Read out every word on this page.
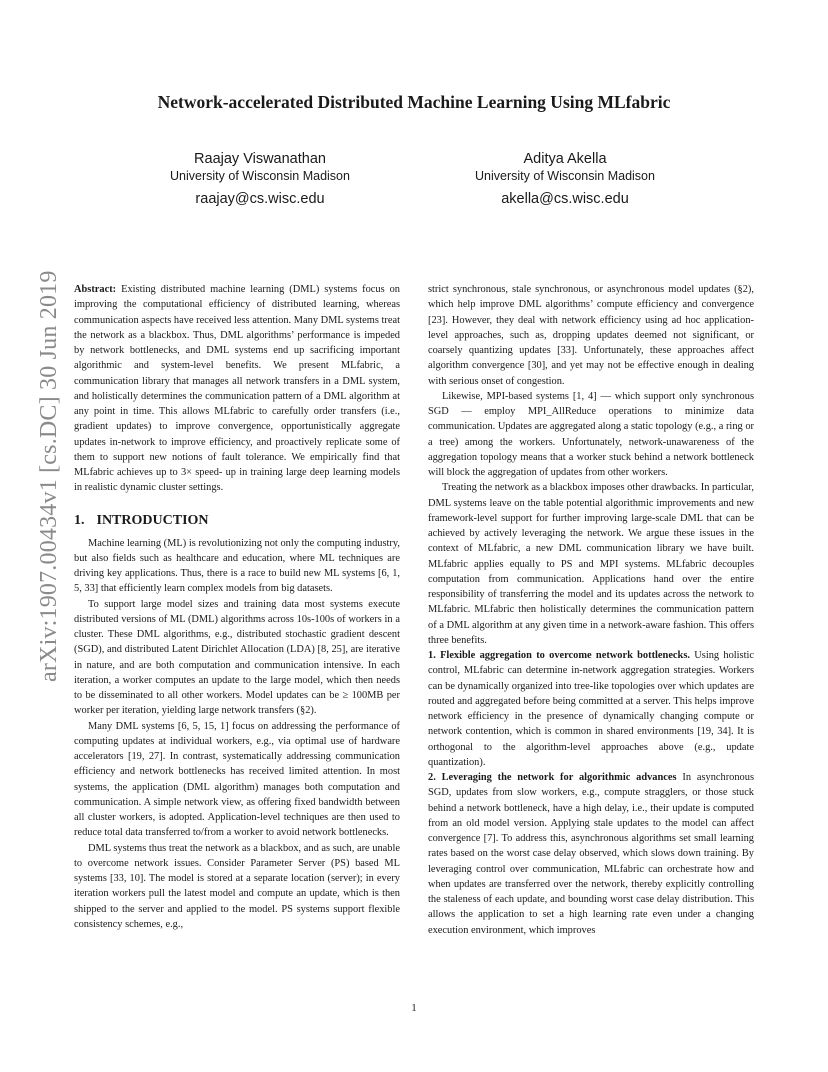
Network-accelerated Distributed Machine Learning Using MLfabric
Raajay Viswanathan
University of Wisconsin Madison
raajay@cs.wisc.edu
Aditya Akella
University of Wisconsin Madison
akella@cs.wisc.edu
arXiv:1907.00434v1 [cs.DC] 30 Jun 2019 Abstract: Existing distributed machine learning (DML) systems focus on improving the computational efficiency of distributed learning, whereas communication aspects have received less attention. Many DML systems treat the network as a blackbox. Thus, DML algorithms’ performance is impeded by network bottlenecks, and DML systems end up sacrificing important algorithmic and system-level benefits. We present MLfabric, a communication library that manages all network transfers in a DML system, and holistically determines the communication pattern of a DML algorithm at any point in time. This allows MLfabric to carefully order transfers (i.e., gradient updates) to improve convergence, opportunistically aggregate updates in-network to improve efficiency, and proactively replicate some of them to support new notions of fault tolerance. We empirically find that MLfabric achieves up to 3× speed- up in training large deep learning models in realistic dynamic cluster settings.

1. INTRODUCTION

Machine learning (ML) is revolutionizing not only the computing industry, but also fields such as healthcare and education, where ML techniques are driving key applications. Thus, there is a race to build new ML systems [6, 1, 5, 33] that efficiently learn complex models from big datasets.

To support large model sizes and training data most systems execute distributed versions of ML (DML) algorithms across 10s-100s of workers in a cluster. These DML algorithms, e.g., distributed stochastic gradient descent (SGD), and distributed Latent Dirichlet Allocation (LDA) [8, 25], are iterative in nature, and are both computation and communication intensive. In each iteration, a worker computes an update to the large model, which then needs to be disseminated to all other workers. Model updates can be ≥ 100MB per worker per iteration, yielding large network transfers (§2).

Many DML systems [6, 5, 15, 1] focus on addressing the performance of computing updates at individual workers, e.g., via optimal use of hardware accelerators [19, 27]. In contrast, systematically addressing communication efficiency and network bottlenecks has received limited attention. In most systems, the application (DML algorithm) manages both computation and communication. A simple network view, as offering fixed bandwidth between all cluster workers, is adopted. Application-level techniques are then used to reduce total data transferred to/from a worker to avoid network bottlenecks.

DML systems thus treat the network as a blackbox, and as such, are unable to overcome network issues. Consider Parameter Server (PS) based ML systems [33, 10]. The model is stored at a separate location (server); in every iteration workers pull the latest model and compute an update, which is then shipped to the server and applied to the model. PS systems support flexible consistency schemes, e.g.,

strict synchronous, stale synchronous, or asynchronous model updates (§2), which help improve DML algorithms’ compute efficiency and convergence [23]. However, they deal with network efficiency using ad hoc application-level approaches, such as, dropping updates deemed not significant, or coarsely quantizing updates [33]. Unfortunately, these approaches affect algorithm convergence [30], and yet may not be effective enough in dealing with serious onset of congestion.

Likewise, MPI-based systems [1, 4] — which support only synchronous SGD — employ MPI_AllReduce operations to minimize data communication. Updates are aggregated along a static topology (e.g., a ring or a tree) among the workers. Unfortunately, network-unawareness of the aggregation topology means that a worker stuck behind a network bottleneck will block the aggregation of updates from other workers.

Treating the network as a blackbox imposes other drawbacks. In particular, DML systems leave on the table potential algorithmic improvements and new framework-level support for further improving large-scale DML that can be achieved by actively leveraging the network. We argue these issues in the context of MLfabric, a new DML communication library we have built. MLfabric applies equally to PS and MPI systems. MLfabric decouples computation from communication. Applications hand over the entire responsibility of transferring the model and its updates across the network to MLfabric. MLfabric then holistically determines the communication pattern of a DML algorithm at any given time in a network-aware fashion. This offers three benefits.

1. Flexible aggregation to overcome network bottlenecks. Using holistic control, MLfabric can determine in-network aggregation strategies. Workers can be dynamically organized into tree-like topologies over which updates are routed and aggregated before being committed at a server. This helps improve network efficiency in the presence of dynamically changing compute or network contention, which is common in shared environments [19, 34]. It is orthogonal to the algorithm-level approaches above (e.g., update quantization).

2. Leveraging the network for algorithmic advances In asynchronous SGD, updates from slow workers, e.g., compute stragglers, or those stuck behind a network bottleneck, have a high delay, i.e., their update is computed from an old model version. Applying stale updates to the model can affect convergence [7]. To address this, asynchronous algorithms set small learning rates based on the worst case delay observed, which slows down training. By leveraging control over communication, MLfabric can orchestrate how and when updates are transferred over the network, thereby explicitly controlling the staleness of each update, and bounding worst case delay distribution. This allows the application to set a high learning rate even under a changing execution environment, which improves

1
